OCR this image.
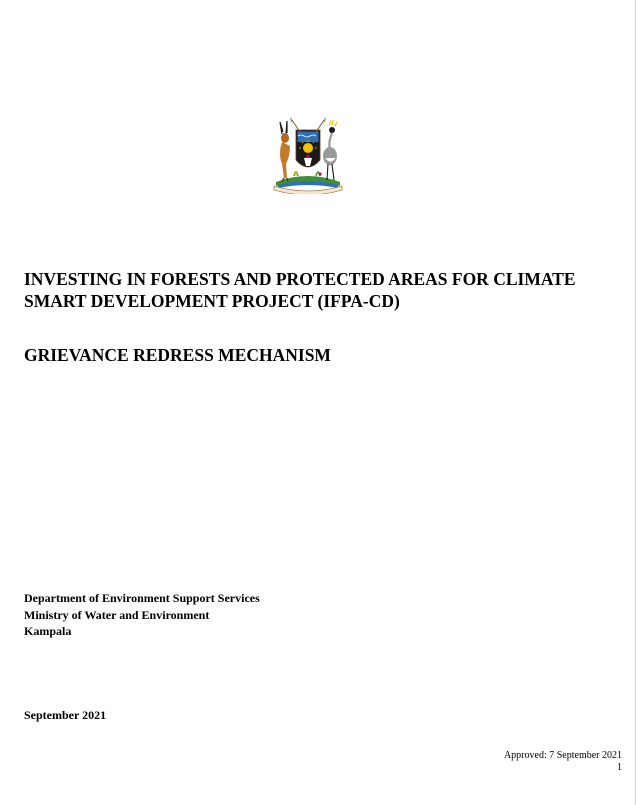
INVESTING IN FORESTS AND PROTECTED AREAS FOR CLIMATE
SMART DEVELOPMENT PROJECT (IFPA-CD)
GRIEVANCE REDRESS MECHANISM
Department of Environment Support Services
Ministry of Water and Environment
Kampala
September 2021
Approved: 7 September 2021
1
